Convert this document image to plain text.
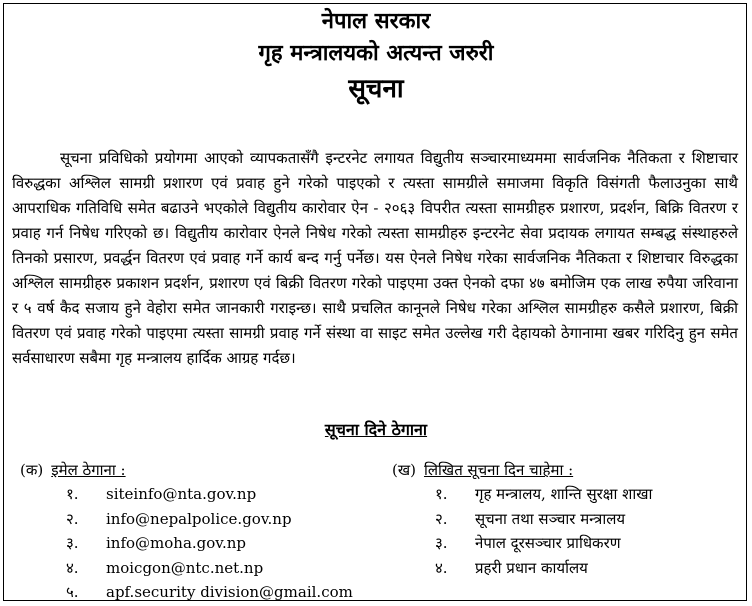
नेपाल सरकार
गृह मन्त्रालयको अत्यन्त जरुरी
सूचना
सूचना प्रविधिको प्रयोगमा आएको व्यापकतासँगै इन्टरनेट लगायत विद्युतीय सञ्चारमाध्यममा सार्वजनिक नैतिकता र शिष्टाचार विरुद्धका अश्लिल सामग्री प्रशारण एवं प्रवाह हुने गरेको पाइएको र त्यस्ता सामग्रीले समाजमा विकृति विसंगती फैलाउनुका साथै आपराधिक गतिविधि समेत बढाउने भएकोले विद्युतीय कारोवार ऐन - २०६३ विपरीत त्यस्ता सामग्रीहरु प्रशारण, प्रदर्शन, बिक्रि वितरण र प्रवाह गर्न निषेध गरिएको छ। विद्युतीय कारोवार ऐनले निषेध गरेको त्यस्ता सामग्रीहरु इन्टरनेट सेवा प्रदायक लगायत सम्बद्ध संस्थाहरुले तिनको प्रसारण, प्रवर्द्धन वितरण एवं प्रवाह गर्ने कार्य बन्द गर्नु पर्नेछ। यस ऐनले निषेध गरेका सार्वजनिक नैतिकता र शिष्टाचार विरुद्धका अश्लिल सामग्रीहरु प्रकाशन प्रदर्शन, प्रशारण एवं बिक्री वितरण गरेको पाइएमा उक्त ऐनको दफा ४७ बमोजिम एक लाख रुपैया जरिवाना र ५ वर्ष कैद सजाय हुने वेहोरा समेत जानकारी गराइन्छ। साथै प्रचलित कानूनले निषेध गरेका अश्लिल सामग्रीहरु कसैले प्रशारण, बिक्री वितरण एवं प्रवाह गरेको पाइएमा त्यस्ता सामग्री प्रवाह गर्ने संस्था वा साइट समेत उल्लेख गरी देहायको ठेगानामा खबर गरिदिनु हुन समेत सर्वसाधारण सबैमा गृह मन्त्रालय हार्दिक आग्रह गर्दछ।
सूचना दिने ठेगाना
(क) इमेल ठेगाना :	(ख) लिखित सूचना दिन चाहेमा :
१. siteinfo@nta.gov.np
२. info@nepalpolice.gov.np
३. info@moha.gov.np
४. moicgon@ntc.net.np
५. apf.security division@gmail.com
१. गृह मन्त्रालय, शान्ति सुरक्षा शाखा
२. सूचना तथा सञ्चार मन्त्रालय
३. नेपाल दूरसञ्चार प्राधिकरण
४. प्रहरी प्रधान कार्यालय
